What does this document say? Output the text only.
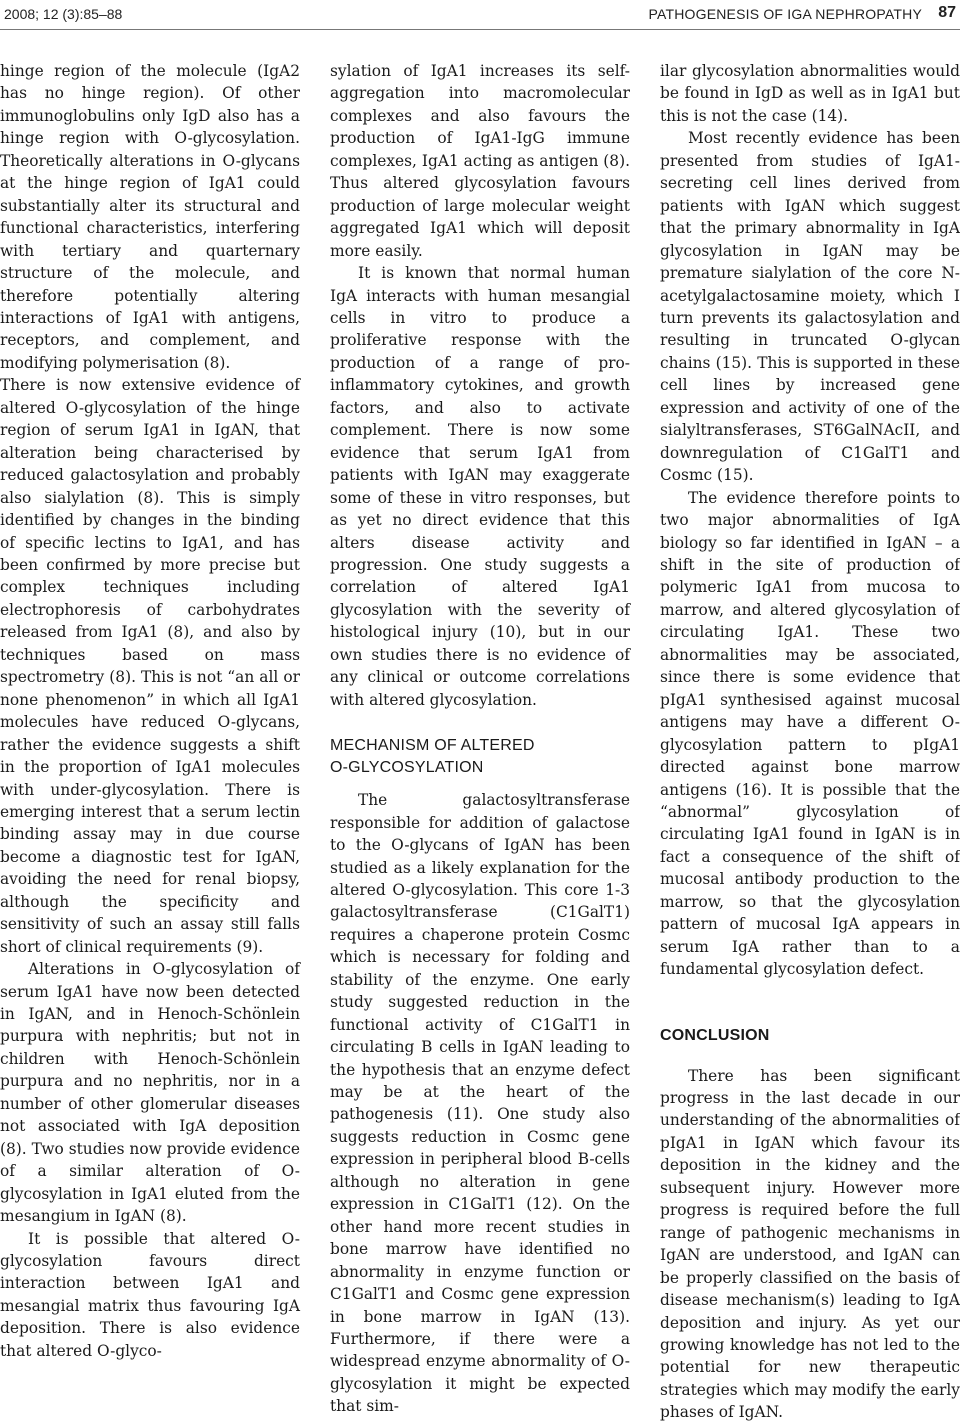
2008; 12 (3):85–88	PATHOGENESIS OF IGA NEPHROPATHY 87

hinge region of the molecule (IgA2 has no hinge region). Of other immunoglobulins only IgD also has a hinge region with O-glycosylation. Theoretically alterations in O-glycans at the hinge region of IgA1 could substantially alter its structural and functional characteristics, interfering with tertiary and quarternary structure of the molecule, and therefore potentially altering interactions of IgA1 with antigens, receptors, and complement, and modifying polymerisation (8).

There is now extensive evidence of altered O-glycosylation of the hinge region of serum IgA1 in IgAN, that alteration being characterised by reduced galactosylation and probably also sialylation (8). This is simply identified by changes in the binding of specific lectins to IgA1, and has been confirmed by more precise but complex techniques including electrophoresis of carbohydrates released from IgA1 (8), and also by techniques based on mass spectrometry (8). This is not “an all or none phenomenon” in which all IgA1 molecules have reduced O-glycans, rather the evidence suggests a shift in the proportion of IgA1 molecules with under-glycosylation. There is emerging interest that a serum lectin binding assay may in due course become a diagnostic test for IgAN, avoiding the need for renal biopsy, although the specificity and sensitivity of such an assay still falls short of clinical requirements (9).

Alterations in O-glycosylation of serum IgA1 have now been detected in IgAN, and in Henoch-Schönlein purpura with nephritis; but not in children with Henoch-Schönlein purpura and no nephritis, nor in a number of other glomerular diseases not associated with IgA deposition (8). Two studies now provide evidence of a similar alteration of O-glycosylation in IgA1 eluted from the mesangium in IgAN (8).

It is possible that altered O-glycosylation favours direct interaction between IgA1 and mesangial matrix thus favouring IgA deposition. There is also evidence that altered O-glyco-

sylation of IgA1 increases its self-aggregation into macromolecular complexes and also favours the production of IgA1-IgG immune complexes, IgA1 acting as antigen (8). Thus altered glycosylation favours production of large molecular weight aggregated IgA1 which will deposit more easily.

It is known that normal human IgA interacts with human mesangial cells in vitro to produce a proliferative response with the production of a range of pro-inflammatory cytokines, and growth factors, and also to activate complement. There is now some evidence that serum IgA1 from patients with IgAN may exaggerate some of these in vitro responses, but as yet no direct evidence that this alters disease activity and progression. One study suggests a correlation of altered IgA1 glycosylation with the severity of histological injury (10), but in our own studies there is no evidence of any clinical or outcome correlations with altered glycosylation.

MECHANISM OF ALTERED
O-GLYCOSYLATION

The galactosyltransferase responsible for addition of galactose to the O-glycans of IgAN has been studied as a likely explanation for the altered O-glycosylation. This core 1-3 galactosyltransferase (C1GalT1) requires a chaperone protein Cosmc which is necessary for folding and stability of the enzyme. One early study suggested reduction in the functional activity of C1GalT1 in circulating B cells in IgAN leading to the hypothesis that an enzyme defect may be at the heart of the pathogenesis (11). One study also suggests reduction in Cosmc gene expression in peripheral blood B-cells although no alteration in gene expression in C1GalT1 (12). On the other hand more recent studies in bone marrow have identified no abnormality in enzyme function or C1GalT1 and Cosmc gene expression in bone marrow in IgAN (13). Furthermore, if there were a widespread enzyme abnormality of O-glycosylation it might be expected that sim-

ilar glycosylation abnormalities would be found in IgD as well as in IgA1 but this is not the case (14).

Most recently evidence has been presented from studies of IgA1-secreting cell lines derived from patients with IgAN which suggest that the primary abnormality in IgA glycosylation in IgAN may be premature sialylation of the core N-acetylgalactosamine moiety, which I turn prevents its galactosylation and resulting in truncated O-glycan chains (15). This is supported in these cell lines by increased gene expression and activity of one of the sialyltransferases, ST6GalNAcII, and downregulation of C1GalT1 and Cosmc (15).

The evidence therefore points to two major abnormalities of IgA biology so far identified in IgAN – a shift in the site of production of polymeric IgA1 from mucosa to marrow, and altered glycosylation of circulating IgA1. These two abnormalities may be associated, since there is some evidence that pIgA1 synthesised against mucosal antigens may have a different O-glycosylation pattern to pIgA1 directed against bone marrow antigens (16). It is possible that the “abnormal” glycosylation of circulating IgA1 found in IgAN is in fact a consequence of the shift of mucosal antibody production to the marrow, so that the glycosylation pattern of mucosal IgA appears in serum IgA rather than to a fundamental glycosylation defect.

CONCLUSION

There has been significant progress in the last decade in our understanding of the abnormalities of pIgA1 in IgAN which favour its deposition in the kidney and the subsequent injury. However more progress is required before the full range of pathogenic mechanisms in IgAN are understood, and IgAN can be properly classified on the basis of disease mechanism(s) leading to IgA deposition and injury. As yet our growing knowledge has not led to the potential for new therapeutic strategies which may modify the early phases of IgAN.
